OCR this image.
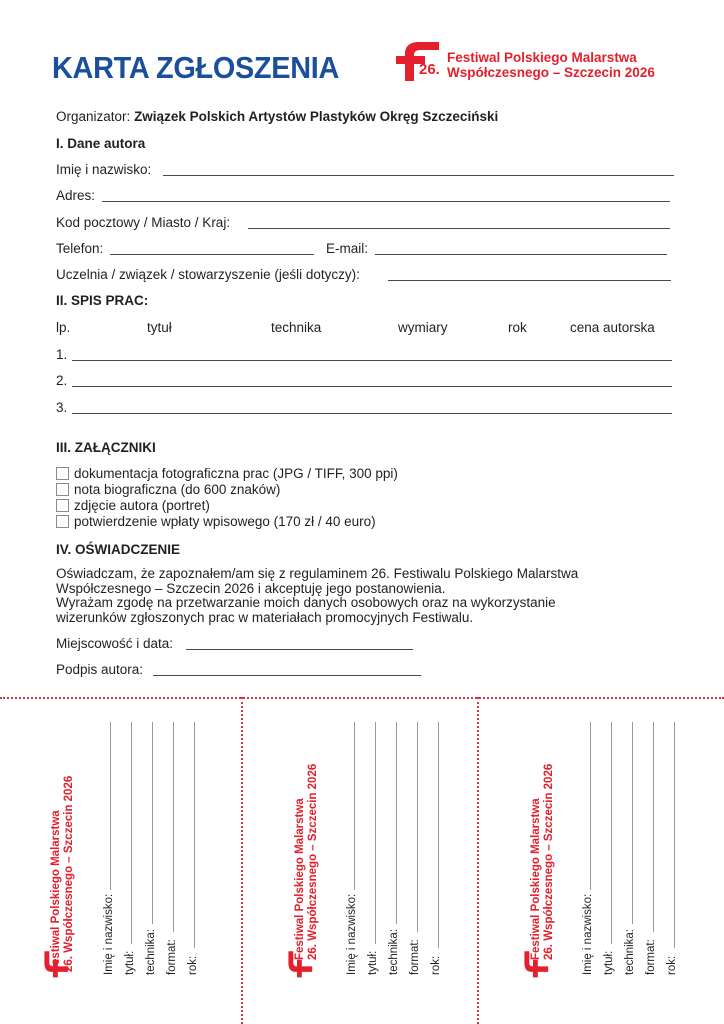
KARTA ZGŁOSZENIA	26.
Festiwal Polskiego Malarstwa
Współczesnego – Szczecin 2026
Organizator: Związek Polskich Artystów Plastyków Okręg Szczeciński
I. Dane autora
Imię i nazwisko:
Adres:
Kod pocztowy / Miasto / Kraj:
Telefon:	E-mail:
Uczelnia / związek / stowarzyszenie (jeśli dotyczy):
II. SPIS PRAC:
lp.	tytuł	technika	wymiary	rok	cena autorska
1.
2.
3.
III. ZAŁĄCZNIKI
dokumentacja fotograficzna prac (JPG / TIFF, 300 ppi)
nota biograficzna (do 600 znaków)
zdjęcie autora (portret)
potwierdzenie wpłaty wpisowego (170 zł / 40 euro)
IV. OŚWIADCZENIE
Oświadczam, że zapoznałem/am się z regulaminem 26. Festiwalu Polskiego Malarstwa
Współczesnego – Szczecin 2026 i akceptuję jego postanowienia.
Wyrażam zgodę na przetwarzanie moich danych osobowych oraz na wykorzystanie
wizerunków zgłoszonych prac w materiałach promocyjnych Festiwalu.
Miejscowość i data:
Podpis autora:
Festiwal Polskiego Malarstwa 26. Współczesnego – Szczecin 2026 Imię i nazwisko: tytuł: technika: format: rok:
Festiwal Polskiego Malarstwa 26. Współczesnego – Szczecin 2026 Imię i nazwisko: tytuł: technika: format: rok:
Festiwal Polskiego Malarstwa 26. Współczesnego – Szczecin 2026 Imię i nazwisko: tytuł: technika: format: rok:
